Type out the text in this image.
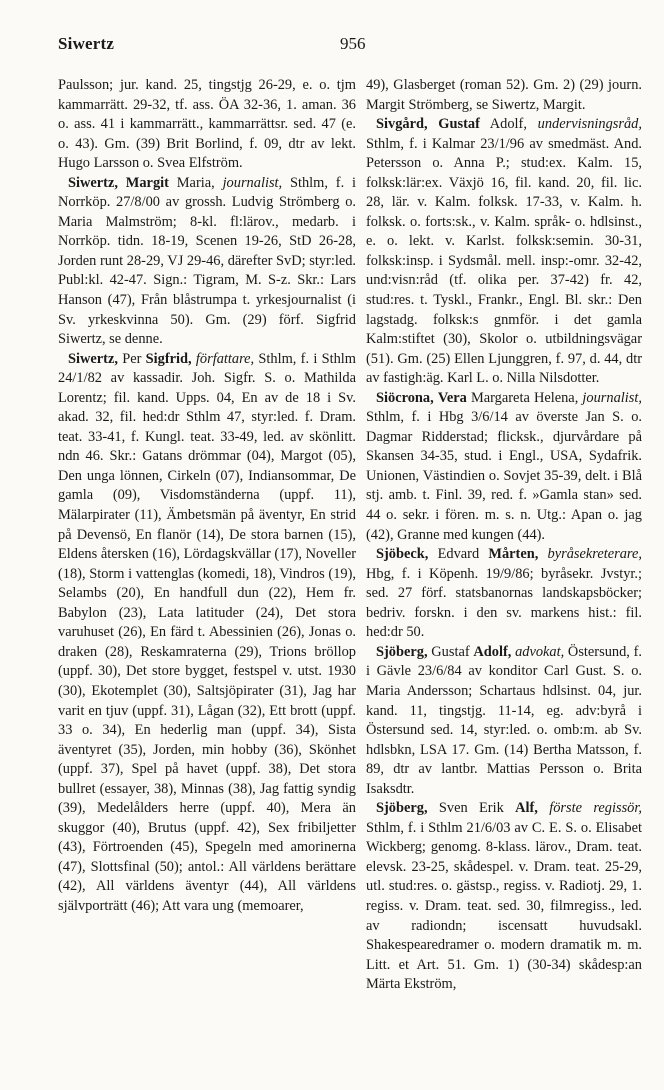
Siwertz	956

Paulsson; jur. kand. 25, tingstjg 26-29, e. o. tjm kammarrätt. 29-32, tf. ass. ÖA 32-36, 1. aman. 36 o. ass. 41 i kammarrätt., kammarrättsr. sed. 47 (e. o. 43). Gm. (39) Brit Borlind, f. 09, dtr av lekt. Hugo Larsson o. Svea Elfström.

Siwertz, Margit Maria, journalist, Sthlm, f. i Norrköp. 27/8/00 av grossh. Ludvig Strömberg o. Maria Malmström; 8-kl. fl:lärov., medarb. i Norrköp. tidn. 18-19, Scenen 19-26, StD 26-28, Jorden runt 28-29, VJ 29-46, därefter SvD; styr:led. Publ:kl. 42-47. Sign.: Tigram, M. S-z. Skr.: Lars Hanson (47), Från blåstrumpa t. yrkesjournalist (i Sv. yrkeskvinna 50). Gm. (29) förf. Sigfrid Siwertz, se denne.

Siwertz, Per Sigfrid, författare, Sthlm, f. i Sthlm 24/1/82 av kassadir. Joh. Sigfr. S. o. Mathilda Lorentz; fil. kand. Upps. 04, En av de 18 i Sv. akad. 32, fil. hed:dr Sthlm 47, styr:led. f. Dram. teat. 33-41, f. Kungl. teat. 33-49, led. av skönlitt. ndn 46. Skr.: Gatans drömmar (04), Margot (05), Den unga lönnen, Cirkeln (07), Indiansommar, De gamla (09), Visdomständerna (uppf. 11), Mälarpirater (11), Ämbetsmän på äventyr, En strid på Devensö, En flanör (14), De stora barnen (15), Eldens återsken (16), Lördagskvällar (17), Noveller (18), Storm i vattenglas (komedi, 18), Vindros (19), Selambs (20), En handfull dun (22), Hem fr. Babylon (23), Lata latituder (24), Det stora varuhuset (26), En färd t. Abessinien (26), Jonas o. draken (28), Reskamraterna (29), Trions bröllop (uppf. 30), Det store bygget, festspel v. utst. 1930 (30), Ekotemplet (30), Saltsjöpirater (31), Jag har varit en tjuv (uppf. 31), Lågan (32), Ett brott (uppf. 33 o. 34), En hederlig man (uppf. 34), Sista äventyret (35), Jorden, min hobby (36), Skönhet (uppf. 37), Spel på havet (uppf. 38), Det stora bullret (essayer, 38), Minnas (38), Jag fattig syndig (39), Medelålders herre (uppf. 40), Mera än skuggor (40), Brutus (uppf. 42), Sex fribiljetter (43), Förtroenden (45), Spegeln med amorinerna (47), Slottsfinal (50); antol.: All världens berättare (42), All världens äventyr (44), All världens självporträtt (46); Att vara ung (memoarer,

49), Glasberget (roman 52). Gm. 2) (29) journ. Margit Strömberg, se Siwertz, Margit.

Sivgård, Gustaf Adolf, undervisningsråd, Sthlm, f. i Kalmar 23/1/96 av smedmäst. And. Petersson o. Anna P.; stud:ex. Kalm. 15, folksk:lär:ex. Växjö 16, fil. kand. 20, fil. lic. 28, lär. v. Kalm. folksk. 17-33, v. Kalm. h. folksk. o. forts:sk., v. Kalm. språk- o. hdlsinst., e. o. lekt. v. Karlst. folksk:semin. 30-31, folksk:insp. i Sydsmål. mell. insp:-omr. 32-42, und:visn:råd (tf. olika per. 37-42) fr. 42, stud:res. t. Tyskl., Frankr., Engl. Bl. skr.: Den lagstadg. folksk:s gnmför. i det gamla Kalm:stiftet (30), Skolor o. utbildningsvägar (51). Gm. (25) Ellen Ljunggren, f. 97, d. 44, dtr av fastigh:äg. Karl L. o. Nilla Nilsdotter.

Siöcrona, Vera Margareta Helena, journalist, Sthlm, f. i Hbg 3/6/14 av överste Jan S. o. Dagmar Ridderstad; flicksk., djurvårdare på Skansen 34-35, stud. i Engl., USA, Sydafrik. Unionen, Västindien o. Sovjet 35-39, delt. i Blå stj. amb. t. Finl. 39, red. f. »Gamla stan» sed. 44 o. sekr. i fören. m. s. n. Utg.: Apan o. jag (42), Granne med kungen (44).

Sjöbeck, Edvard Mårten, byråsekreterare, Hbg, f. i Köpenh. 19/9/86; byråsekr. Jvstyr.; sed. 27 förf. statsbanornas landskapsböcker; bedriv. forskn. i den sv. markens hist.: fil. hed:dr 50.

Sjöberg, Gustaf Adolf, advokat, Östersund, f. i Gävle 23/6/84 av konditor Carl Gust. S. o. Maria Andersson; Schartaus hdlsinst. 04, jur. kand. 11, tingstjg. 11-14, eg. adv:byrå i Östersund sed. 14, styr:led. o. omb:m. ab Sv. hdlsbkn, LSA 17. Gm. (14) Bertha Matsson, f. 89, dtr av lantbr. Mattias Persson o. Brita Isaksdtr.

Sjöberg, Sven Erik Alf, förste regissör, Sthlm, f. i Sthlm 21/6/03 av C. E. S. o. Elisabet Wickberg; genomg. 8-klass. lärov., Dram. teat. elevsk. 23-25, skådespel. v. Dram. teat. 25-29, utl. stud:res. o. gästsp., regiss. v. Radiotj. 29, 1. regiss. v. Dram. teat. sed. 30, filmregiss., led. av radiondn; iscensatt huvudsakl. Shakespearedramer o. modern dramatik m. m. Litt. et Art. 51. Gm. 1) (30-34) skådesp:an Märta Ekström,
